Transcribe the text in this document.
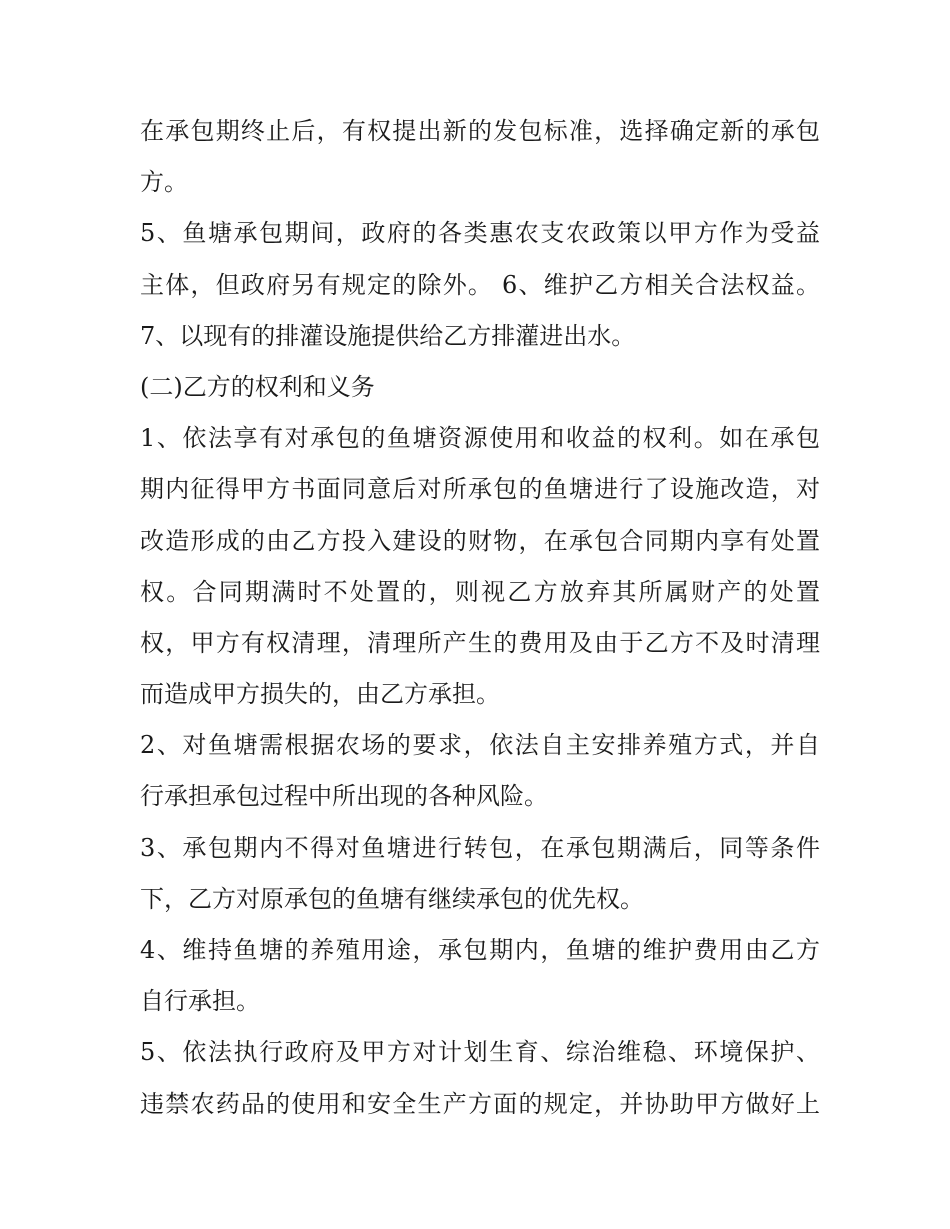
在承包期终止后，有权提出新的发包标准，选择确定新的承包
方。
5、鱼塘承包期间，政府的各类惠农支农政策以甲方作为受益
主体，但政府另有规定的除外。 6、维护乙方相关合法权益。
7、以现有的排灌设施提供给乙方排灌进出水。
(二)乙方的权利和义务
1、依法享有对承包的鱼塘资源使用和收益的权利。如在承包
期内征得甲方书面同意后对所承包的鱼塘进行了设施改造，对
改造形成的由乙方投入建设的财物，在承包合同期内享有处置
权。合同期满时不处置的，则视乙方放弃其所属财产的处置
权，甲方有权清理，清理所产生的费用及由于乙方不及时清理
而造成甲方损失的，由乙方承担。
2、对鱼塘需根据农场的要求，依法自主安排养殖方式，并自
行承担承包过程中所出现的各种风险。
3、承包期内不得对鱼塘进行转包，在承包期满后，同等条件
下，乙方对原承包的鱼塘有继续承包的优先权。
4、维持鱼塘的养殖用途，承包期内，鱼塘的维护费用由乙方
自行承担。
5、依法执行政府及甲方对计划生育、综治维稳、环境保护、
违禁农药品的使用和安全生产方面的规定，并协助甲方做好上
